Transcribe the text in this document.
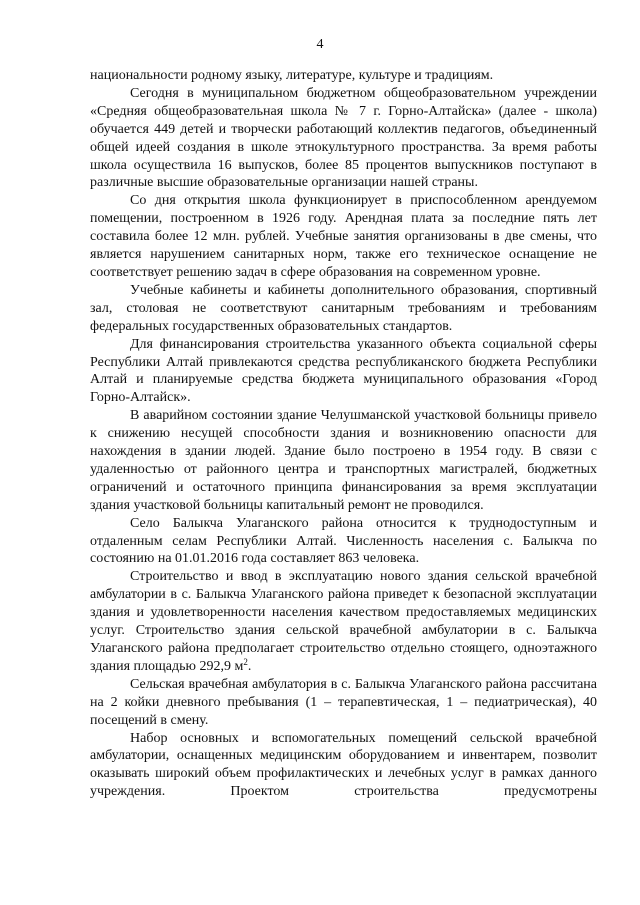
4

национальности родному языку, литературе, культуре и традициям.

Сегодня в муниципальном бюджетном общеобразовательном учреждении «Средняя общеобразовательная школа № 7 г. Горно-Алтайска» (далее - школа) обучается 449 детей и творчески работающий коллектив педагогов, объединенный общей идеей создания в школе этнокультурного пространства. За время работы школа осуществила 16 выпусков, более 85 процентов выпускников поступают в различные высшие образовательные организации нашей страны.

Со дня открытия школа функционирует в приспособленном арендуемом помещении, построенном в 1926 году. Арендная плата за последние пять лет составила более 12 млн. рублей. Учебные занятия организованы в две смены, что является нарушением санитарных норм, также его техническое оснащение не соответствует решению задач в сфере образования на современном уровне.

Учебные кабинеты и кабинеты дополнительного образования, спортивный зал, столовая не соответствуют санитарным требованиям и требованиям федеральных государственных образовательных стандартов.

Для финансирования строительства указанного объекта социальной сферы Республики Алтай привлекаются средства республиканского бюджета Республики Алтай и планируемые средства бюджета муниципального образования «Город Горно-Алтайск».

В аварийном состоянии здание Челушманской участковой больницы привело к снижению несущей способности здания и возникновению опасности для нахождения в здании людей. Здание было построено в 1954 году. В связи с удаленностью от районного центра и транспортных магистралей, бюджетных ограничений и остаточного принципа финансирования за время эксплуатации здания участковой больницы капитальный ремонт не проводился.

Село Балыкча Улаганского района относится к труднодоступным и отдаленным селам Республики Алтай. Численность населения с. Балыкча по состоянию на 01.01.2016 года составляет 863 человека.

Строительство и ввод в эксплуатацию нового здания сельской врачебной амбулатории в с. Балыкча Улаганского района приведет к безопасной эксплуатации здания и удовлетворенности населения качеством предоставляемых медицинских услуг. Строительство здания сельской врачебной амбулатории в с. Балыкча Улаганского района предполагает строительство отдельно стоящего, одноэтажного здания площадью 292,9 $м^2$.

Сельская врачебная амбулатория в с. Балыкча Улаганского района рассчитана на 2 койки дневного пребывания (1 – терапевтическая, 1 – педиатрическая), 40 посещений в смену.

Набор основных и вспомогательных помещений сельской врачебной амбулатории, оснащенных медицинским оборудованием и инвентарем, позволит оказывать широкий объем профилактических и лечебных услуг в рамках данного учреждения. Проектом строительства предусмотрены
